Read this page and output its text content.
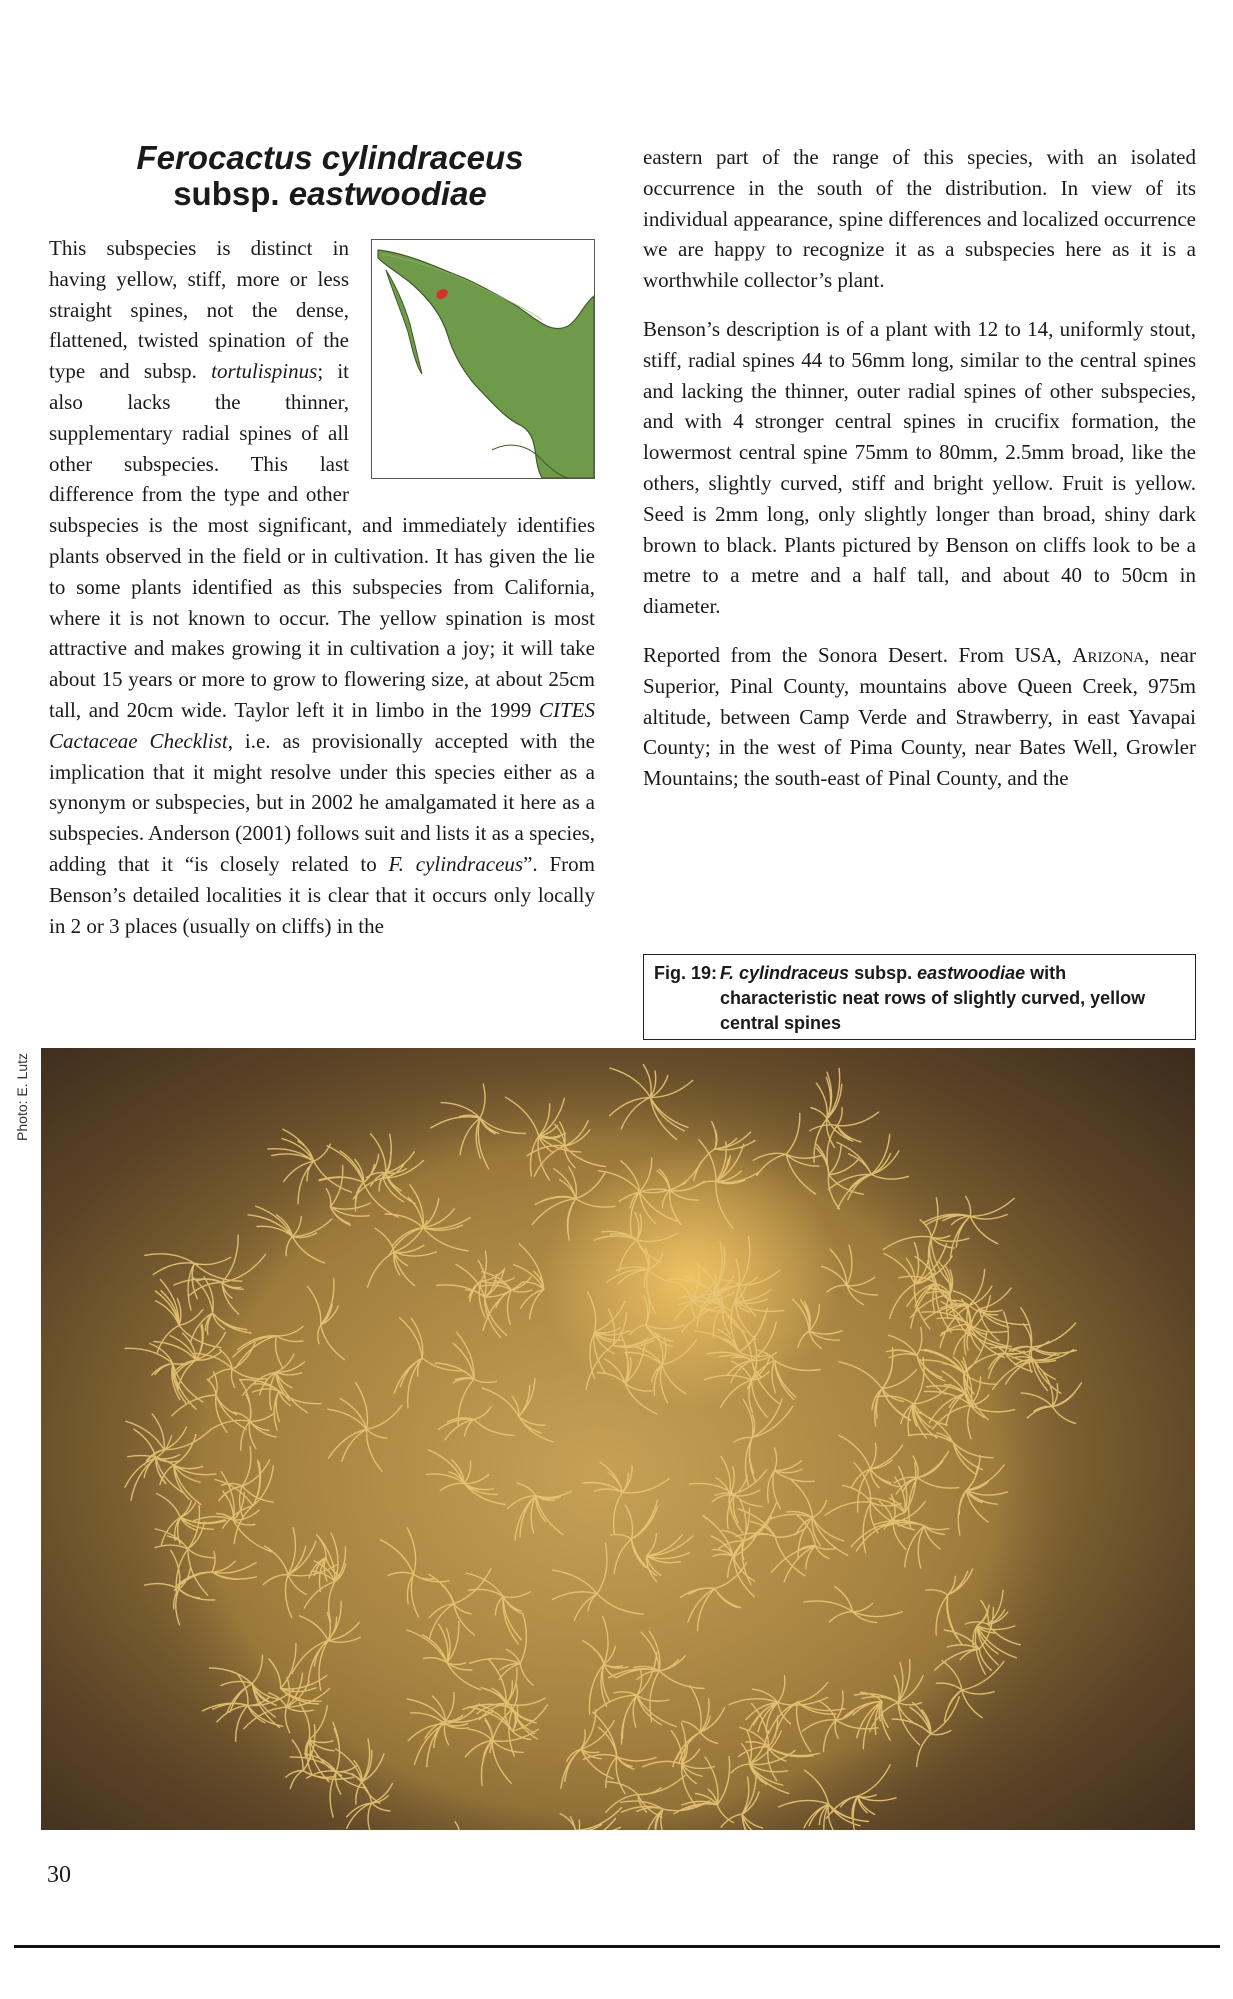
Ferocactus cylindraceus
subsp. eastwoodiae

This subspecies is distinct in having yellow, stiff, more or less straight spines, not the dense, flattened, twisted spination of the type and subsp. tortulispinus; it also lacks the thinner, supplementary radial spines of all other subspecies. This last difference from the type and other subspecies is the most significant, and immediately identifies plants observed in the field or in cultivation. It has given the lie to some plants identified as this subspecies from California, where it is not known to occur. The yellow spination is most attractive and makes growing it in cultivation a joy; it will take about 15 years or more to grow to flowering size, at about 25cm tall, and 20cm wide. Taylor left it in limbo in the 1999 CITES Cactaceae Checklist, i.e. as provisionally accepted with the implication that it might resolve under this species either as a synonym or subspecies, but in 2002 he amalgamated it here as a subspecies. Anderson (2001) follows suit and lists it as a species, adding that it “is closely related to F. cylindraceus”. From Benson’s detailed localities it is clear that it occurs only locally in 2 or 3 places (usually on cliffs) in the

eastern part of the range of this species, with an isolated occurrence in the south of the distribution. In view of its individual appearance, spine differences and localized occurrence we are happy to recognize it as a subspecies here as it is a worthwhile collector’s plant.

Benson’s description is of a plant with 12 to 14, uniformly stout, stiff, radial spines 44 to 56mm long, similar to the central spines and lacking the thinner, outer radial spines of other subspecies, and with 4 stronger central spines in crucifix formation, the lowermost central spine 75mm to 80mm, 2.5mm broad, like the others, slightly curved, stiff and bright yellow. Fruit is yellow. Seed is 2mm long, only slightly longer than broad, shiny dark brown to black. Plants pictured by Benson on cliffs look to be a metre to a metre and a half tall, and about 40 to 50cm in diameter.

Reported from the Sonora Desert. From USA, Arizona, near Superior, Pinal County, mountains above Queen Creek, 975m altitude, between Camp Verde and Strawberry, in east Yavapai County; in the west of Pima County, near Bates Well, Growler Mountains; the south-east of Pinal County, and the

Fig. 19: F. cylindraceus subsp. eastwoodiae with characteristic neat rows of slightly curved, yellow central spines
Photo: E. Lutz
30
